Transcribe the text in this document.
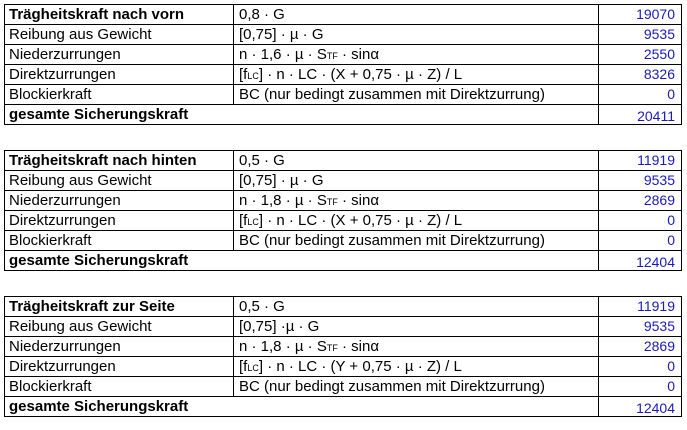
Trägheitskraft nach vorn	0,8 · G	19070
Reibung aus Gewicht	[0,75] · µ · G	9535
Niederzurrungen	n · 1,6 · µ · STF · sinα	2550
Direktzurrungen	[fLC] · n · LC · (X + 0,75 · µ · Z) / L	8326
Blockierkraft	BC (nur bedingt zusammen mit Direktzurrung)	0
gesamte Sicherungskraft	20411
Trägheitskraft nach hinten	0,5 · G	11919
Reibung aus Gewicht	[0,75] · µ · G	9535
Niederzurrungen	n · 1,8 · µ · STF · sinα	2869
Direktzurrungen	[fLC] · n · LC · (X + 0,75 · µ · Z) / L	0
Blockierkraft	BC (nur bedingt zusammen mit Direktzurrung)	0
gesamte Sicherungskraft	12404
Trägheitskraft zur Seite	0,5 · G	11919
Reibung aus Gewicht	[0,75] ·µ · G	9535
Niederzurrungen	n · 1,8 · µ · STF · sinα	2869
Direktzurrungen	[fLC] · n · LC · (Y + 0,75 · µ · Z) / L	0
Blockierkraft	BC (nur bedingt zusammen mit Direktzurrung)	0
gesamte Sicherungskraft	12404
